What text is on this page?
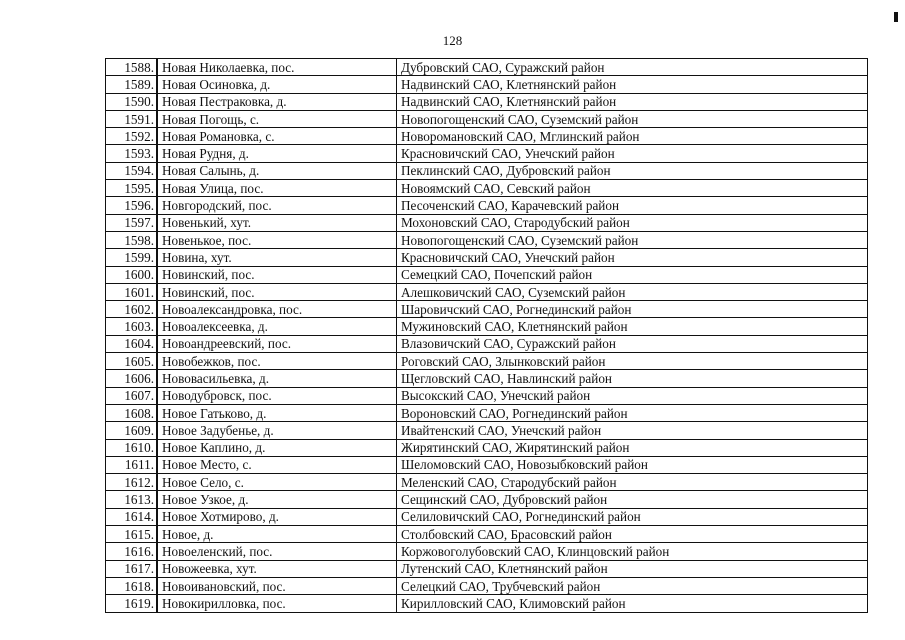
128
1588.	Новая Николаевка, пос.	Дубровский САО, Суражский район
1589.	Новая Осиновка, д.	Надвинский САО, Клетнянский район
1590.	Новая Пестраковка, д.	Надвинский САО, Клетнянский район
1591.	Новая Погощь, с.	Новопогощенский САО, Суземский район
1592.	Новая Романовка, с.	Новоромановский САО, Мглинский район
1593.	Новая Рудня, д.	Красновичский САО, Унечский район
1594.	Новая Салынь, д.	Пеклинский САО, Дубровский район
1595.	Новая Улица, пос.	Новоямский САО, Севский район
1596.	Новгородский, пос.	Песоченский САО, Карачевский район
1597.	Новенький, хут.	Мохоновский САО, Стародубский район
1598.	Новенькое, пос.	Новопогощенский САО, Суземский район
1599.	Новина, хут.	Красновичский САО, Унечский район
1600.	Новинский, пос.	Семецкий САО, Почепский район
1601.	Новинский, пос.	Алешковичский САО, Суземский район
1602.	Новоалександровка, пос.	Шаровичский САО, Рогнединский район
1603.	Новоалексеевка, д.	Мужиновский САО, Клетнянский район
1604.	Новоандреевский, пос.	Влазовичский САО, Суражский район
1605.	Новобежков, пос.	Роговский САО, Злынковский район
1606.	Нововасильевка, д.	Щегловский САО, Навлинский район
1607.	Новодубровск, пос.	Высокский САО, Унечский район
1608.	Новое Гатьково, д.	Вороновский САО, Рогнединский район
1609.	Новое Задубенье, д.	Ивайтенский САО, Унечский район
1610.	Новое Каплино, д.	Жирятинский САО, Жирятинский район
1611.	Новое Место, с.	Шеломовский САО, Новозыбковский район
1612.	Новое Село, с.	Меленский САО, Стародубский район
1613.	Новое Узкое, д.	Сещинский САО, Дубровский район
1614.	Новое Хотмирово, д.	Селиловичский САО, Рогнединский район
1615.	Новое, д.	Столбовский САО, Брасовский район
1616.	Новоеленский, пос.	Коржовоголубовский САО, Клинцовский район
1617.	Новожеевка, хут.	Лутенский САО, Клетнянский район
1618.	Новоивановский, пос.	Селецкий САО, Трубчевский район
1619.	Новокирилловка, пос.	Кирилловский САО, Климовский район
